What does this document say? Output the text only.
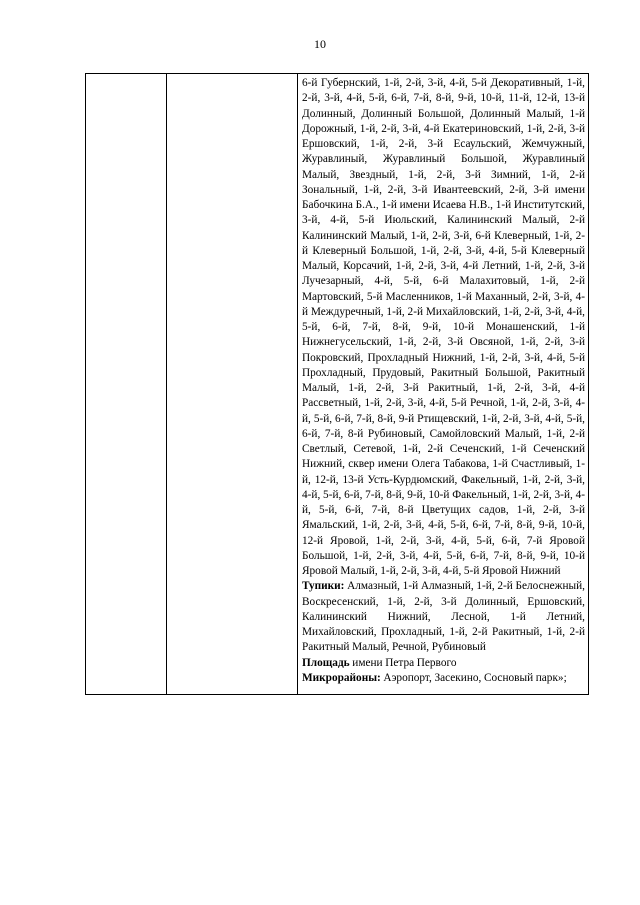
10

6-й Губернский, 1-й, 2-й, 3-й, 4-й, 5-й Декоративный, 1-й, 2-й, 3-й, 4-й, 5-й, 6-й, 7-й, 8-й, 9-й, 10-й, 11-й, 12-й, 13-й Долинный, Долинный Большой, Долинный Малый, 1-й Дорожный, 1-й, 2-й, 3-й, 4-й Екатериновский, 1-й, 2-й, 3-й Ершовский, 1-й, 2-й, 3-й Есаульский, Жемчужный, Журавлиный, Журавлиный Большой, Журавлиный Малый, Звездный, 1-й, 2-й, 3-й Зимний, 1-й, 2-й Зональный, 1-й, 2-й, 3-й Ивантеевский, 2-й, 3-й имени Бабочкина Б.А., 1-й имени Исаева Н.В., 1-й Институтский, 3-й, 4-й, 5-й Июльский, Калининский Малый, 2-й Калининский Малый, 1-й, 2-й, 3-й, 6-й Клеверный, 1-й, 2-й Клеверный Большой, 1-й, 2-й, 3-й, 4-й, 5-й Клеверный Малый, Корсачий, 1-й, 2-й, 3-й, 4-й Летний, 1-й, 2-й, 3-й Лучезарный, 4-й, 5-й, 6-й Малахитовый, 1-й, 2-й Мартовский, 5-й Масленников, 1-й Маханный, 2-й, 3-й, 4-й Междуречный, 1-й, 2-й Михайловский, 1-й, 2-й, 3-й, 4-й, 5-й, 6-й, 7-й, 8-й, 9-й, 10-й Монашенский, 1-й Нижнегусельский, 1-й, 2-й, 3-й Овсяной, 1-й, 2-й, 3-й Покровский, Прохладный Нижний, 1-й, 2-й, 3-й, 4-й, 5-й Прохладный, Прудовый, Ракитный Большой, Ракитный Малый, 1-й, 2-й, 3-й Ракитный, 1-й, 2-й, 3-й, 4-й Рассветный, 1-й, 2-й, 3-й, 4-й, 5-й Речной, 1-й, 2-й, 3-й, 4-й, 5-й, 6-й, 7-й, 8-й, 9-й Ртищевский, 1-й, 2-й, 3-й, 4-й, 5-й, 6-й, 7-й, 8-й Рубиновый, Самойловский Малый, 1-й, 2-й Светлый, Сетевой, 1-й, 2-й Сеченский, 1-й Сеченский Нижний, сквер имени Олега Табакова, 1-й Счастливый, 1-й, 12-й, 13-й Усть-Курдюмский, Факельный, 1-й, 2-й, 3-й, 4-й, 5-й, 6-й, 7-й, 8-й, 9-й, 10-й Факельный, 1-й, 2-й, 3-й, 4-й, 5-й, 6-й, 7-й, 8-й Цветущих садов, 1-й, 2-й, 3-й Ямальский, 1-й, 2-й, 3-й, 4-й, 5-й, 6-й, 7-й, 8-й, 9-й, 10-й, 12-й Яровой, 1-й, 2-й, 3-й, 4-й, 5-й, 6-й, 7-й Яровой Большой, 1-й, 2-й, 3-й, 4-й, 5-й, 6-й, 7-й, 8-й, 9-й, 10-й Яровой Малый, 1-й, 2-й, 3-й, 4-й, 5-й Яровой Нижний

Тупики: Алмазный, 1-й Алмазный, 1-й, 2-й Белоснежный, Воскресенский, 1-й, 2-й, 3-й Долинный, Ершовский, Калининский Нижний, Лесной, 1-й Летний, Михайловский, Прохладный, 1-й, 2-й Ракитный, 1-й, 2-й Ракитный Малый, Речной, Рубиновый

Площадь имени Петра Первого

Микрорайоны: Аэропорт, Засекино, Сосновый парк»;
